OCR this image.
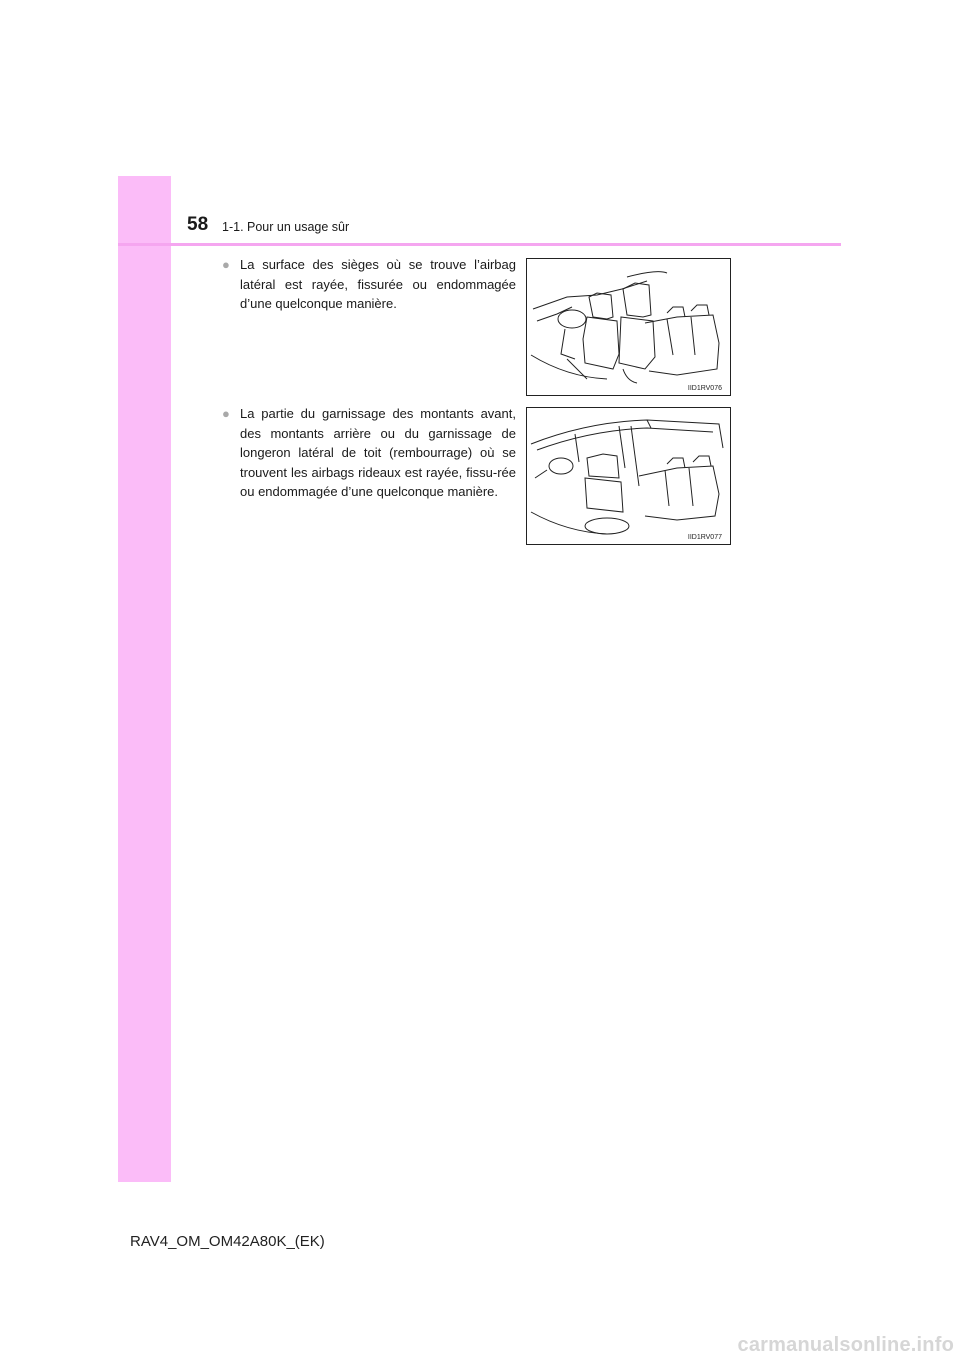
58 1-1. Pour un usage sûr
● La surface des sièges où se trouve l’airbag latéral est rayée, fissurée ou endommagée d’une quelconque manière.
IID1RV076
● La partie du garnissage des montants avant, des montants arrière ou du garnissage de longeron latéral de toit (rembourrage) où se trouvent les airbags rideaux est rayée, fissu-rée ou endommagée d’une quelconque manière.
IID1RV077
RAV4_OM_OM42A80K_(EK)
carmanualsonline.info
